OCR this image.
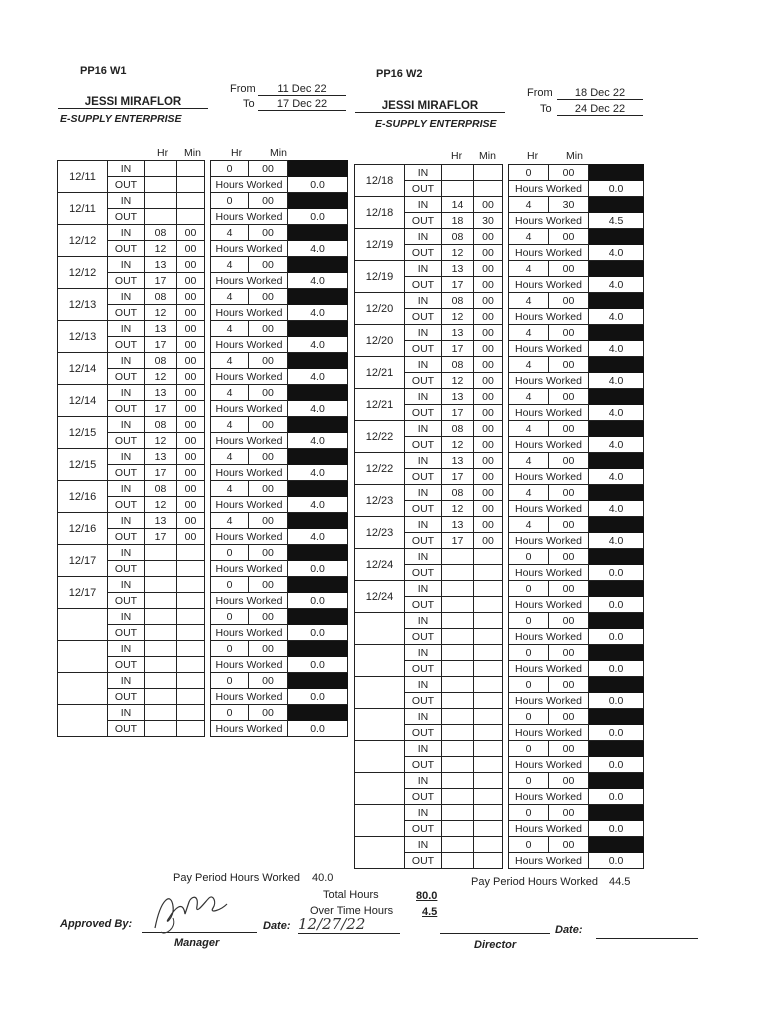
PP16 W1
From	11 Dec 22
To	17 Dec 22
JESSI MIRAFLOR
E-SUPPLY ENTERPRISE
Hr Min	Hr	Min
12/11	IN				0	00	
	OUT				Hours Worked		0.0
12/11	IN				0	00	
	OUT				Hours Worked		0.0
12/12	IN	08	00		4	00	
	OUT	12	00		Hours Worked		4.0
12/12	IN	13	00		4	00	
	OUT	17	00		Hours Worked		4.0
12/13	IN	08	00		4	00	
	OUT	12	00		Hours Worked		4.0
12/13	IN	13	00		4	00	
	OUT	17	00		Hours Worked		4.0
12/14	IN	08	00		4	00	
	OUT	12	00		Hours Worked		4.0
12/14	IN	13	00		4	00	
	OUT	17	00		Hours Worked		4.0
12/15	IN	08	00		4	00	
	OUT	12	00		Hours Worked		4.0
12/15	IN	13	00		4	00	
	OUT	17	00		Hours Worked		4.0
12/16	IN	08	00		4	00	
	OUT	12	00		Hours Worked		4.0
12/16	IN	13	00		4	00	
	OUT	17	00		Hours Worked		4.0
12/17	IN				0	00	
	OUT				Hours Worked		0.0
12/17	IN				0	00	
	OUT				Hours Worked		0.0
	IN				0	00	
	OUT				Hours Worked		0.0
	IN				0	00	
	OUT				Hours Worked		0.0
	IN				0	00	
	OUT				Hours Worked		0.0
	IN				0	00	
	OUT				Hours Worked		0.0
PP16 W2
From	18 Dec 22
To	24 Dec 22
JESSI MIRAFLOR
E-SUPPLY ENTERPRISE
Hr Min	Hr	Min
12/18	IN				0	00	
	OUT				Hours Worked		0.0
12/18	IN	14	00		4	30	
	OUT	18	30		Hours Worked		4.5
12/19	IN	08	00		4	00	
	OUT	12	00		Hours Worked		4.0
12/19	IN	13	00		4	00	
	OUT	17	00		Hours Worked		4.0
12/20	IN	08	00		4	00	
	OUT	12	00		Hours Worked		4.0
12/20	IN	13	00		4	00	
	OUT	17	00		Hours Worked		4.0
12/21	IN	08	00		4	00	
	OUT	12	00		Hours Worked		4.0
12/21	IN	13	00		4	00	
	OUT	17	00		Hours Worked		4.0
12/22	IN	08	00		4	00	
	OUT	12	00		Hours Worked		4.0
12/22	IN	13	00		4	00	
	OUT	17	00		Hours Worked		4.0
12/23	IN	08	00		4	00	
	OUT	12	00		Hours Worked		4.0
12/23	IN	13	00		4	00	
	OUT	17	00		Hours Worked		4.0
12/24	IN				0	00	
	OUT				Hours Worked		0.0
12/24	IN				0	00	
	OUT				Hours Worked		0.0
	IN				0	00	
	OUT				Hours Worked		0.0
	IN				0	00	
	OUT				Hours Worked		0.0
	IN				0	00	
	OUT				Hours Worked		0.0
	IN				0	00	
	OUT				Hours Worked		0.0
	IN				0	00	
	OUT				Hours Worked		0.0
	IN				0	00	
	OUT				Hours Worked		0.0
	IN				0	00	
	OUT				Hours Worked		0.0
	IN				0	00	
	OUT				Hours Worked		0.0
Pay Period Hours Worked 40.0	Pay Period Hours Worked 44.5
Total Hours	80.0
Over Time Hours	4.5
Approved By:	Date: 12/27/22
Manager
Date:
Director
